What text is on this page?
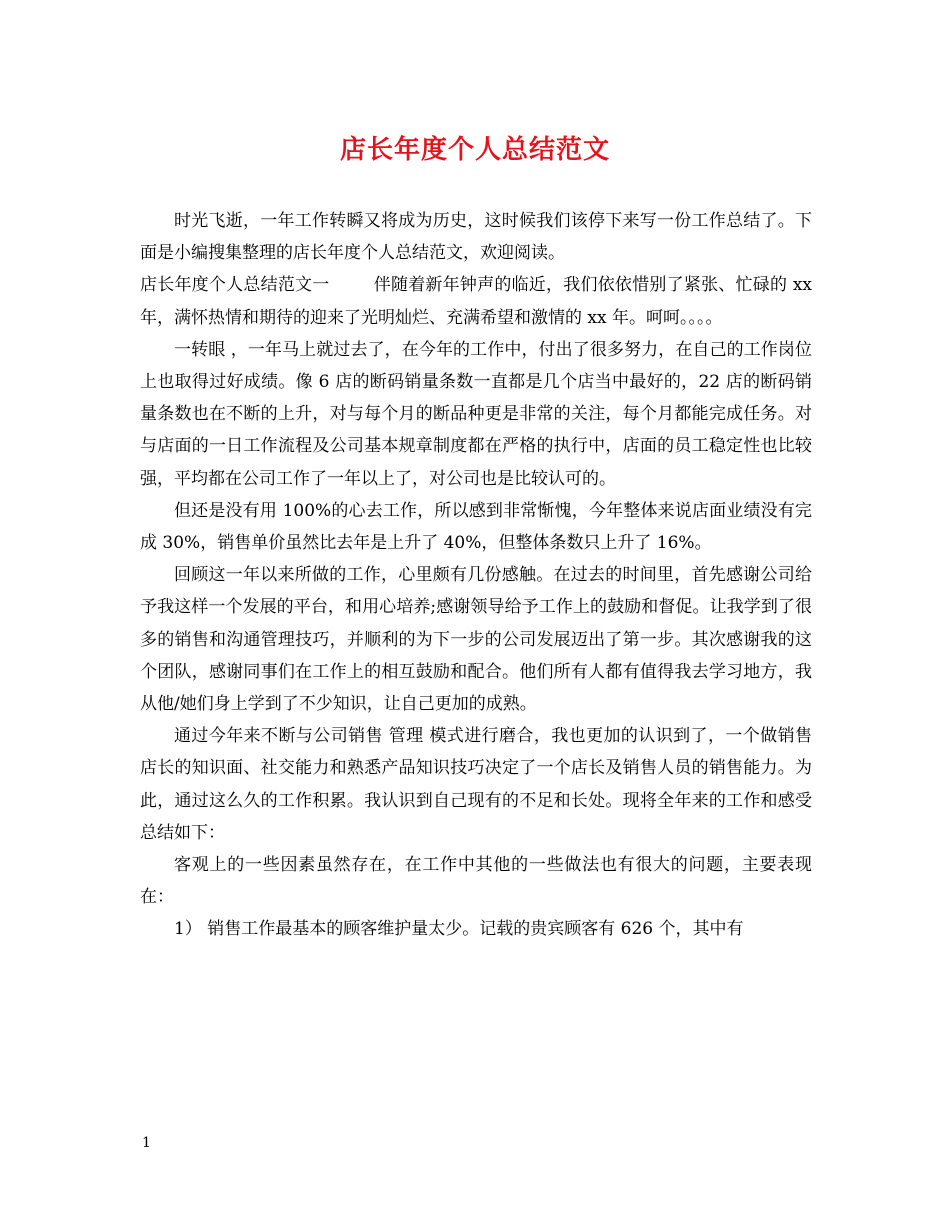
店长年度个人总结范文

时光飞逝，一年工作转瞬又将成为历史，这时候我们该停下来写一份工作总结了。下面是小编搜集整理的店长年度个人总结范文，欢迎阅读。

店长年度个人总结范文一	伴随着新年钟声的临近，我们依依惜别了紧张、忙碌的 xx 年，满怀热情和期待的迎来了光明灿烂、充满希望和激情的 xx 年。呵呵。。。。

一转眼 ，一年马上就过去了，在今年的工作中，付出了很多努力，在自己的工作岗位上也取得过好成绩。像 6 店的断码销量条数一直都是几个店当中最好的，22 店的断码销量条数也在不断的上升，对与每个月的断品种更是非常的关注，每个月都能完成任务。对与店面的一日工作流程及公司基本规章制度都在严格的执行中，店面的员工稳定性也比较强，平均都在公司工作了一年以上了，对公司也是比较认可的。

但还是没有用 100%的心去工作，所以感到非常惭愧，今年整体来说店面业绩没有完成 30%，销售单价虽然比去年是上升了 40%，但整体条数只上升了 16%。

回顾这一年以来所做的工作，心里颇有几份感触。在过去的时间里，首先感谢公司给予我这样一个发展的平台，和用心培养;感谢领导给予工作上的鼓励和督促。让我学到了很多的销售和沟通管理技巧，并顺利的为下一步的公司发展迈出了第一步。其次感谢我的这个团队，感谢同事们在工作上的相互鼓励和配合。他们所有人都有值得我去学习地方，我从他/她们身上学到了不少知识，让自己更加的成熟。

通过今年来不断与公司销售 管理 模式进行磨合，我也更加的认识到了，一个做销售店长的知识面、社交能力和熟悉产品知识技巧决定了一个店长及销售人员的销售能力。为此，通过这么久的工作积累。我认识到自己现有的不足和长处。现将全年来的工作和感受总结如下：

客观上的一些因素虽然存在，在工作中其他的一些做法也有很大的问题，主要表现在：

1） 销售工作最基本的顾客维护量太少。记载的贵宾顾客有 626 个，其中有

1
